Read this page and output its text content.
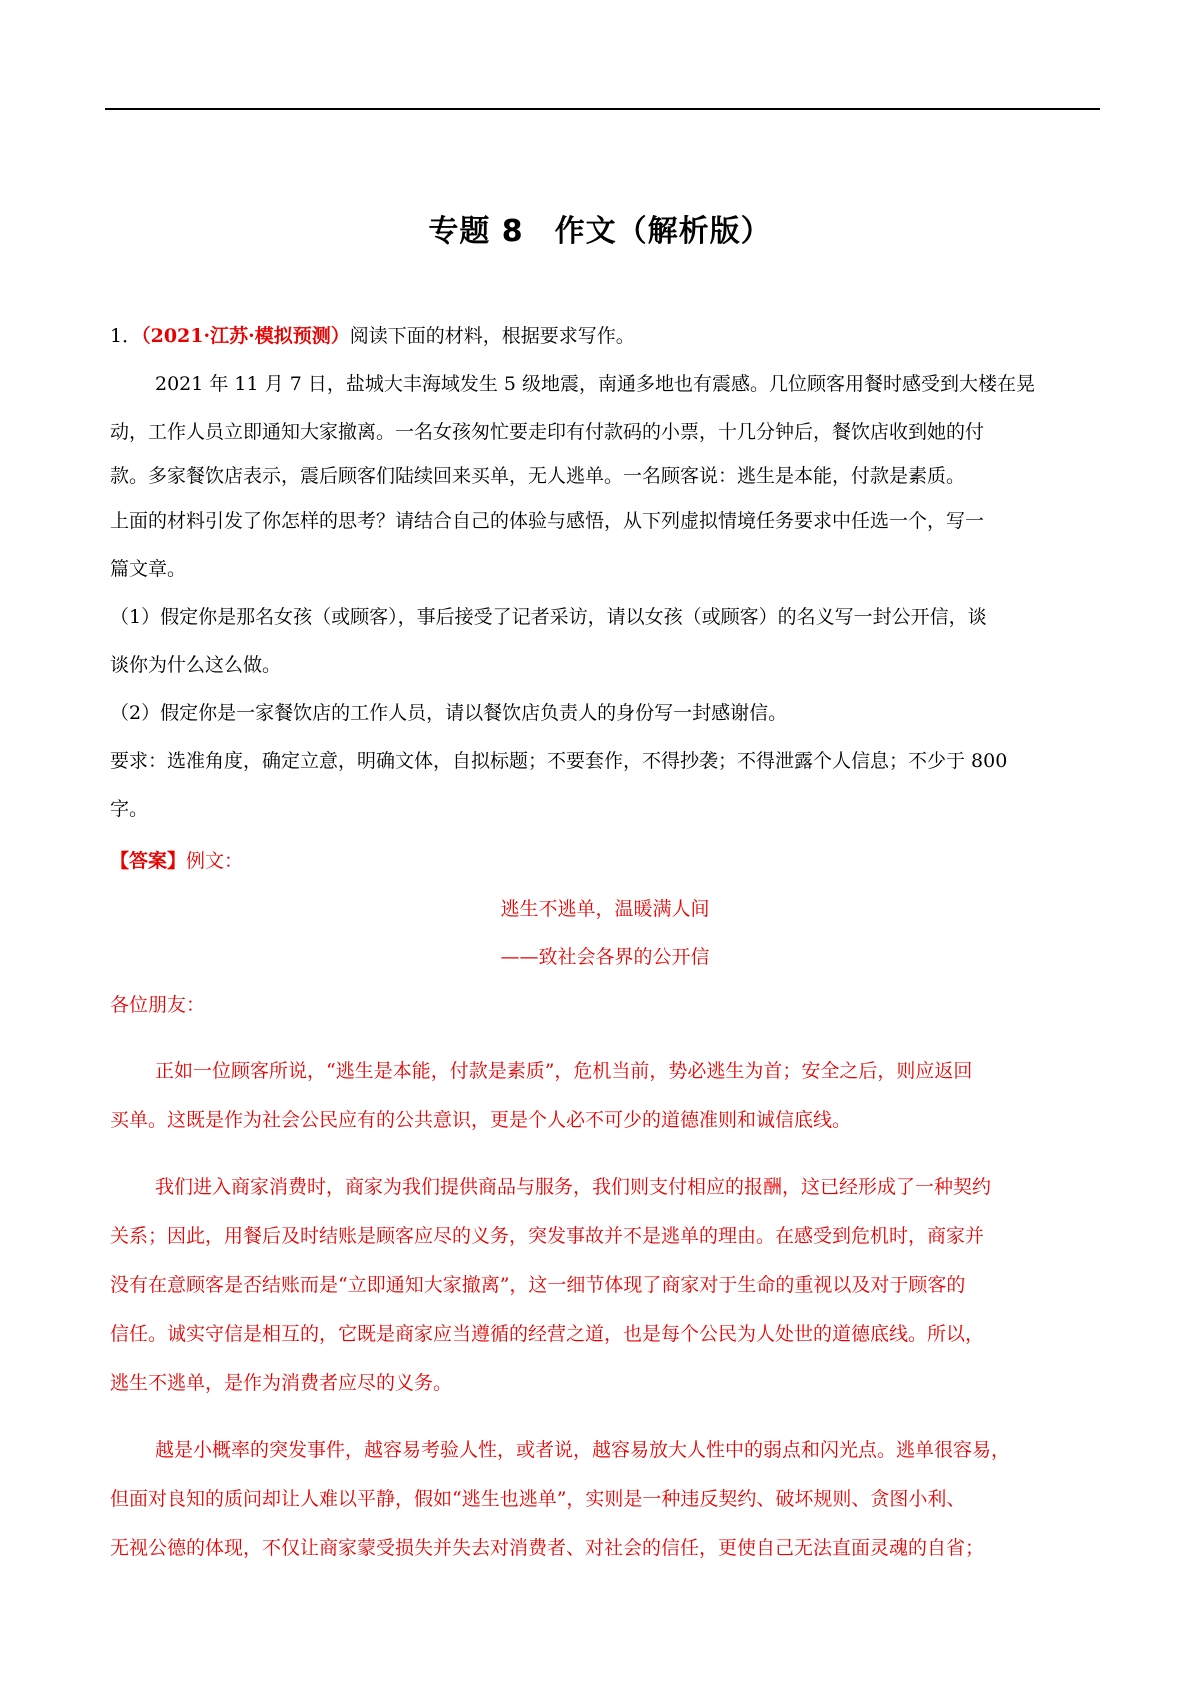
专题 8　作文（解析版）
1．（2021·江苏·模拟预测）阅读下面的材料，根据要求写作。
2021 年 11 月 7 日，盐城大丰海域发生 5 级地震，南通多地也有震感。几位顾客用餐时感受到大楼在晃
动，工作人员立即通知大家撤离。一名女孩匆忙要走印有付款码的小票，十几分钟后，餐饮店收到她的付
款。多家餐饮店表示，震后顾客们陆续回来买单，无人逃单。一名顾客说：逃生是本能，付款是素质。
上面的材料引发了你怎样的思考？请结合自己的体验与感悟，从下列虚拟情境任务要求中任选一个，写一
篇文章。
（1）假定你是那名女孩（或顾客），事后接受了记者采访，请以女孩（或顾客）的名义写一封公开信，谈
谈你为什么这么做。
（2）假定你是一家餐饮店的工作人员，请以餐饮店负责人的身份写一封感谢信。
要求：选准角度，确定立意，明确文体，自拟标题；不要套作，不得抄袭；不得泄露个人信息；不少于 800
字。
【答案】例文：
逃生不逃单，温暖满人间
——致社会各界的公开信
各位朋友：
正如一位顾客所说，“逃生是本能，付款是素质”，危机当前，势必逃生为首；安全之后，则应返回
买单。这既是作为社会公民应有的公共意识，更是个人必不可少的道德准则和诚信底线。
我们进入商家消费时，商家为我们提供商品与服务，我们则支付相应的报酬，这已经形成了一种契约
关系；因此，用餐后及时结账是顾客应尽的义务，突发事故并不是逃单的理由。在感受到危机时，商家并
没有在意顾客是否结账而是“立即通知大家撤离”，这一细节体现了商家对于生命的重视以及对于顾客的
信任。诚实守信是相互的，它既是商家应当遵循的经营之道，也是每个公民为人处世的道德底线。所以，
逃生不逃单，是作为消费者应尽的义务。
越是小概率的突发事件，越容易考验人性，或者说，越容易放大人性中的弱点和闪光点。逃单很容易，
但面对良知的质问却让人难以平静，假如“逃生也逃单”，实则是一种违反契约、破坏规则、贪图小利、
无视公德的体现，不仅让商家蒙受损失并失去对消费者、对社会的信任，更使自己无法直面灵魂的自省；
